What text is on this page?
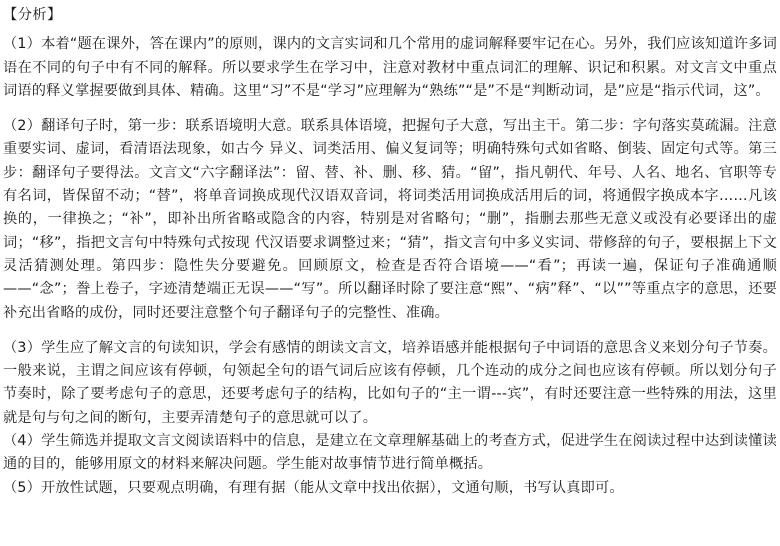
【分析】

（1）本着“题在课外，答在课内”的原则，课内的文言实词和几个常用的虚词解释要牢记在心。另外，我们应该知道许多词语在不同的句子中有不同的解释。所以要求学生在学习中，注意对教材中重点词汇的理解、识记和积累。对文言文中重点词语的释义掌握要做到具体、精确。这里“习”不是“学习”应理解为“熟练”“是”不是“判断动词，是”应是“指示代词，这”。

（2）翻译句子时，第一步：联系语境明大意。联系具体语境，把握句子大意，写出主干。第二步：字句落实莫疏漏。注意重要实词、虚词，看清语法现象，如古今 异义、词类活用、偏义复词等；明确特殊句式如省略、倒装、固定句式等。第三步：翻译句子要得法。文言文“六字翻译法”：留、替、补、删、移、猜。“留”，指凡朝代、年号、人名、地名、官职等专有名词，皆保留不动；“替”，将单音词换成现代汉语双音词，将词类活用词换成活用后的词，将通假字换成本字……凡该 换的，一律换之；“补”，即补出所省略或隐含的内容，特别是对省略句；“删”，指删去那些无意义或没有必要译出的虚词；“移”，指把文言句中特殊句式按现 代汉语要求调整过来；“猜”，指文言句中多义实词、带修辞的句子，要根据上下文灵活猜测处理。第四步：隐性失分要避免。回顾原文，检查是否符合语境——“看”；再读一遍，保证句子准确通顺——“念”；誊上卷子，字迹清楚端正无误——“写”。所以翻译时除了要注意“熙”、“病”释”、“以””等重点字的意思，还要补充出省略的成份，同时还要注意整个句子翻译句子的完整性、准确。

（3）学生应了解文言的句读知识，学会有感情的朗读文言文，培养语感并能根据句子中词语的意思含义来划分句子节奏。一般来说，主谓之间应该有停顿，句领起全句的语气词后应该有停顿，几个连动的成分之间也应该有停顿。所以划分句子节奏时，除了要考虑句子的意思，还要考虑句子的结构，比如句子的“主一谓---宾”，有时还要注意一些特殊的用法，这里就是句与句之间的断句，主要弄清楚句子的意思就可以了。

（4）学生筛选并提取文言文阅读语料中的信息，是建立在文章理解基础上的考查方式，促进学生在阅读过程中达到读懂读通的目的，能够用原文的材料来解决问题。学生能对故事情节进行简单概括。

（5）开放性试题，只要观点明确，有理有据（能从文章中找出依据），文通句顺，书写认真即可。
